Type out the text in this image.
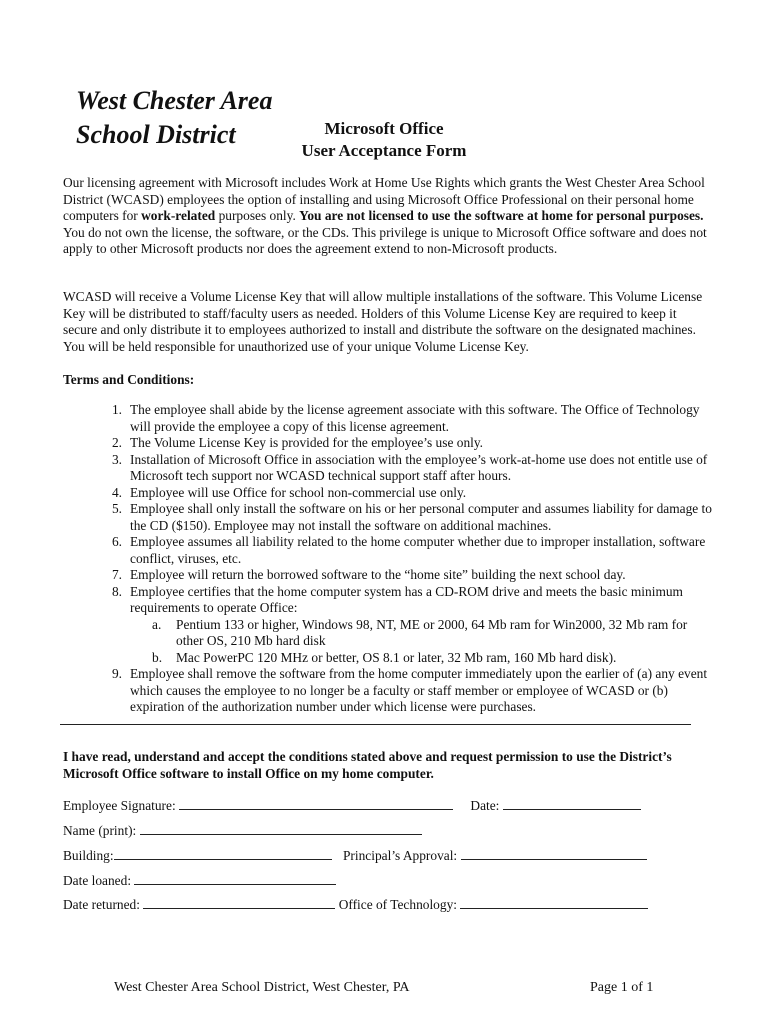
West Chester Area
School District	Microsoft Office
User Acceptance Form
Our licensing agreement with Microsoft includes Work at Home Use Rights which grants the West Chester Area School District (WCASD) employees the option of installing and using Microsoft Office Professional on their personal home computers for work-related purposes only. You are not licensed to use the software at home for personal purposes. You do not own the license, the software, or the CDs. This privilege is unique to Microsoft Office software and does not apply to other Microsoft products nor does the agreement extend to non-Microsoft products.
WCASD will receive a Volume License Key that will allow multiple installations of the software. This Volume License Key will be distributed to staff/faculty users as needed. Holders of this Volume License Key are required to keep it secure and only distribute it to employees authorized to install and distribute the software on the designated machines. You will be held responsible for unauthorized use of your unique Volume License Key.
Terms and Conditions:
1. The employee shall abide by the license agreement associate with this software. The Office of Technology will provide the employee a copy of this license agreement.
2. The Volume License Key is provided for the employee’s use only.
3. Installation of Microsoft Office in association with the employee’s work-at-home use does not entitle use of Microsoft tech support nor WCASD technical support staff after hours.
4. Employee will use Office for school non-commercial use only.
5. Employee shall only install the software on his or her personal computer and assumes liability for damage to the CD ($150). Employee may not install the software on additional machines.
6. Employee assumes all liability related to the home computer whether due to improper installation, software conflict, viruses, etc.
7. Employee will return the borrowed software to the “home site” building the next school day.
8. Employee certifies that the home computer system has a CD-ROM drive and meets the basic minimum requirements to operate Office:
a. Pentium 133 or higher, Windows 98, NT, ME or 2000, 64 Mb ram for Win2000, 32 Mb ram for other OS, 210 Mb hard disk
b. Mac PowerPC 120 MHz or better, OS 8.1 or later, 32 Mb ram, 160 Mb hard disk).
9. Employee shall remove the software from the home computer immediately upon the earlier of (a) any event which causes the employee to no longer be a faculty or staff member or employee of WCASD or (b) expiration of the authorization number under which license were purchases.
I have read, understand and accept the conditions stated above and request permission to use the District’s Microsoft Office software to install Office on my home computer.
Employee Signature:	Date:
Name (print):
Building:	Principal’s Approval:
Date loaned:
Date returned:	Office of Technology:
West Chester Area School District, West Chester, PA	Page 1 of 1
